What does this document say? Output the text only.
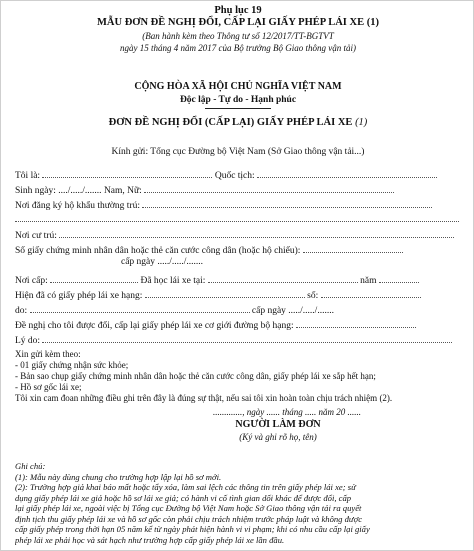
Phụ lục 19
MẪU ĐƠN ĐỀ NGHỊ ĐỔI, CẤP LẠI GIẤY PHÉP LÁI XE (1)
(Ban hành kèm theo Thông tư số 12/2017/TT-BGTVT
ngày 15 tháng 4 năm 2017 của Bộ trưởng Bộ Giao thông vận tải)
CỘNG HÒA XÃ HỘI CHỦ NGHĨA VIỆT NAM
Độc lập - Tự do - Hạnh phúc
ĐƠN ĐỀ NGHỊ ĐỔI (CẤP LẠI) GIẤY PHÉP LÁI XE (1)
Kính gửi: Tổng cục Đường bộ Việt Nam (Sở Giao thông vận tải...)
Tôi là:	Quốc tịch:
Sinh ngày: ..../...../....... Nam, Nữ:
Nơi đăng ký hộ khẩu thường trú:
Nơi cư trú:
Số giấy chứng minh nhân dân hoặc thẻ căn cước công dân (hoặc hộ chiếu):
cấp ngày ...../...../.......
Nơi cấp:	Đã học lái xe tại:	năm
Hiện đã có giấy phép lái xe hạng:	số:
do:	cấp ngày ...../...../.......
Đề nghị cho tôi được đổi, cấp lại giấy phép lái xe cơ giới đường bộ hạng:
Lý do:
Xin gửi kèm theo:
- 01 giấy chứng nhận sức khỏe;
- Bản sao chụp giấy chứng minh nhân dân hoặc thẻ căn cước công dân, giấy phép lái xe sắp hết hạn;
- Hồ sơ gốc lái xe;
Tôi xin cam đoan những điều ghi trên đây là đúng sự thật, nếu sai tôi xin hoàn toàn chịu trách nhiệm (2).
............., ngày ...... tháng ..... năm 20 ......
NGƯỜI LÀM ĐƠN
(Ký và ghi rõ họ, tên)
Ghi chú:
(1): Mẫu này dùng chung cho trường hợp lập lại hồ sơ mới.
(2): Trường hợp giả khai báo mất hoặc tẩy xóa, làm sai lệch các thông tin trên giấy phép lái xe; sử
dụng giấy phép lái xe giả hoặc hồ sơ lái xe giả; có hành vi cố tình gian dối khác để được đổi, cấp
lại giấy phép lái xe, ngoài việc bị Tổng cục Đường bộ Việt Nam hoặc Sở Giao thông vận tải ra quyết
định tịch thu giấy phép lái xe và hồ sơ gốc còn phải chịu trách nhiệm trước pháp luật và không được
cấp giấy phép trong thời hạn 05 năm kể từ ngày phát hiện hành vi vi phạm; khi có nhu cầu cấp lại giấy
phép lái xe phải học và sát hạch như trường hợp cấp giấy phép lái xe lần đầu.
